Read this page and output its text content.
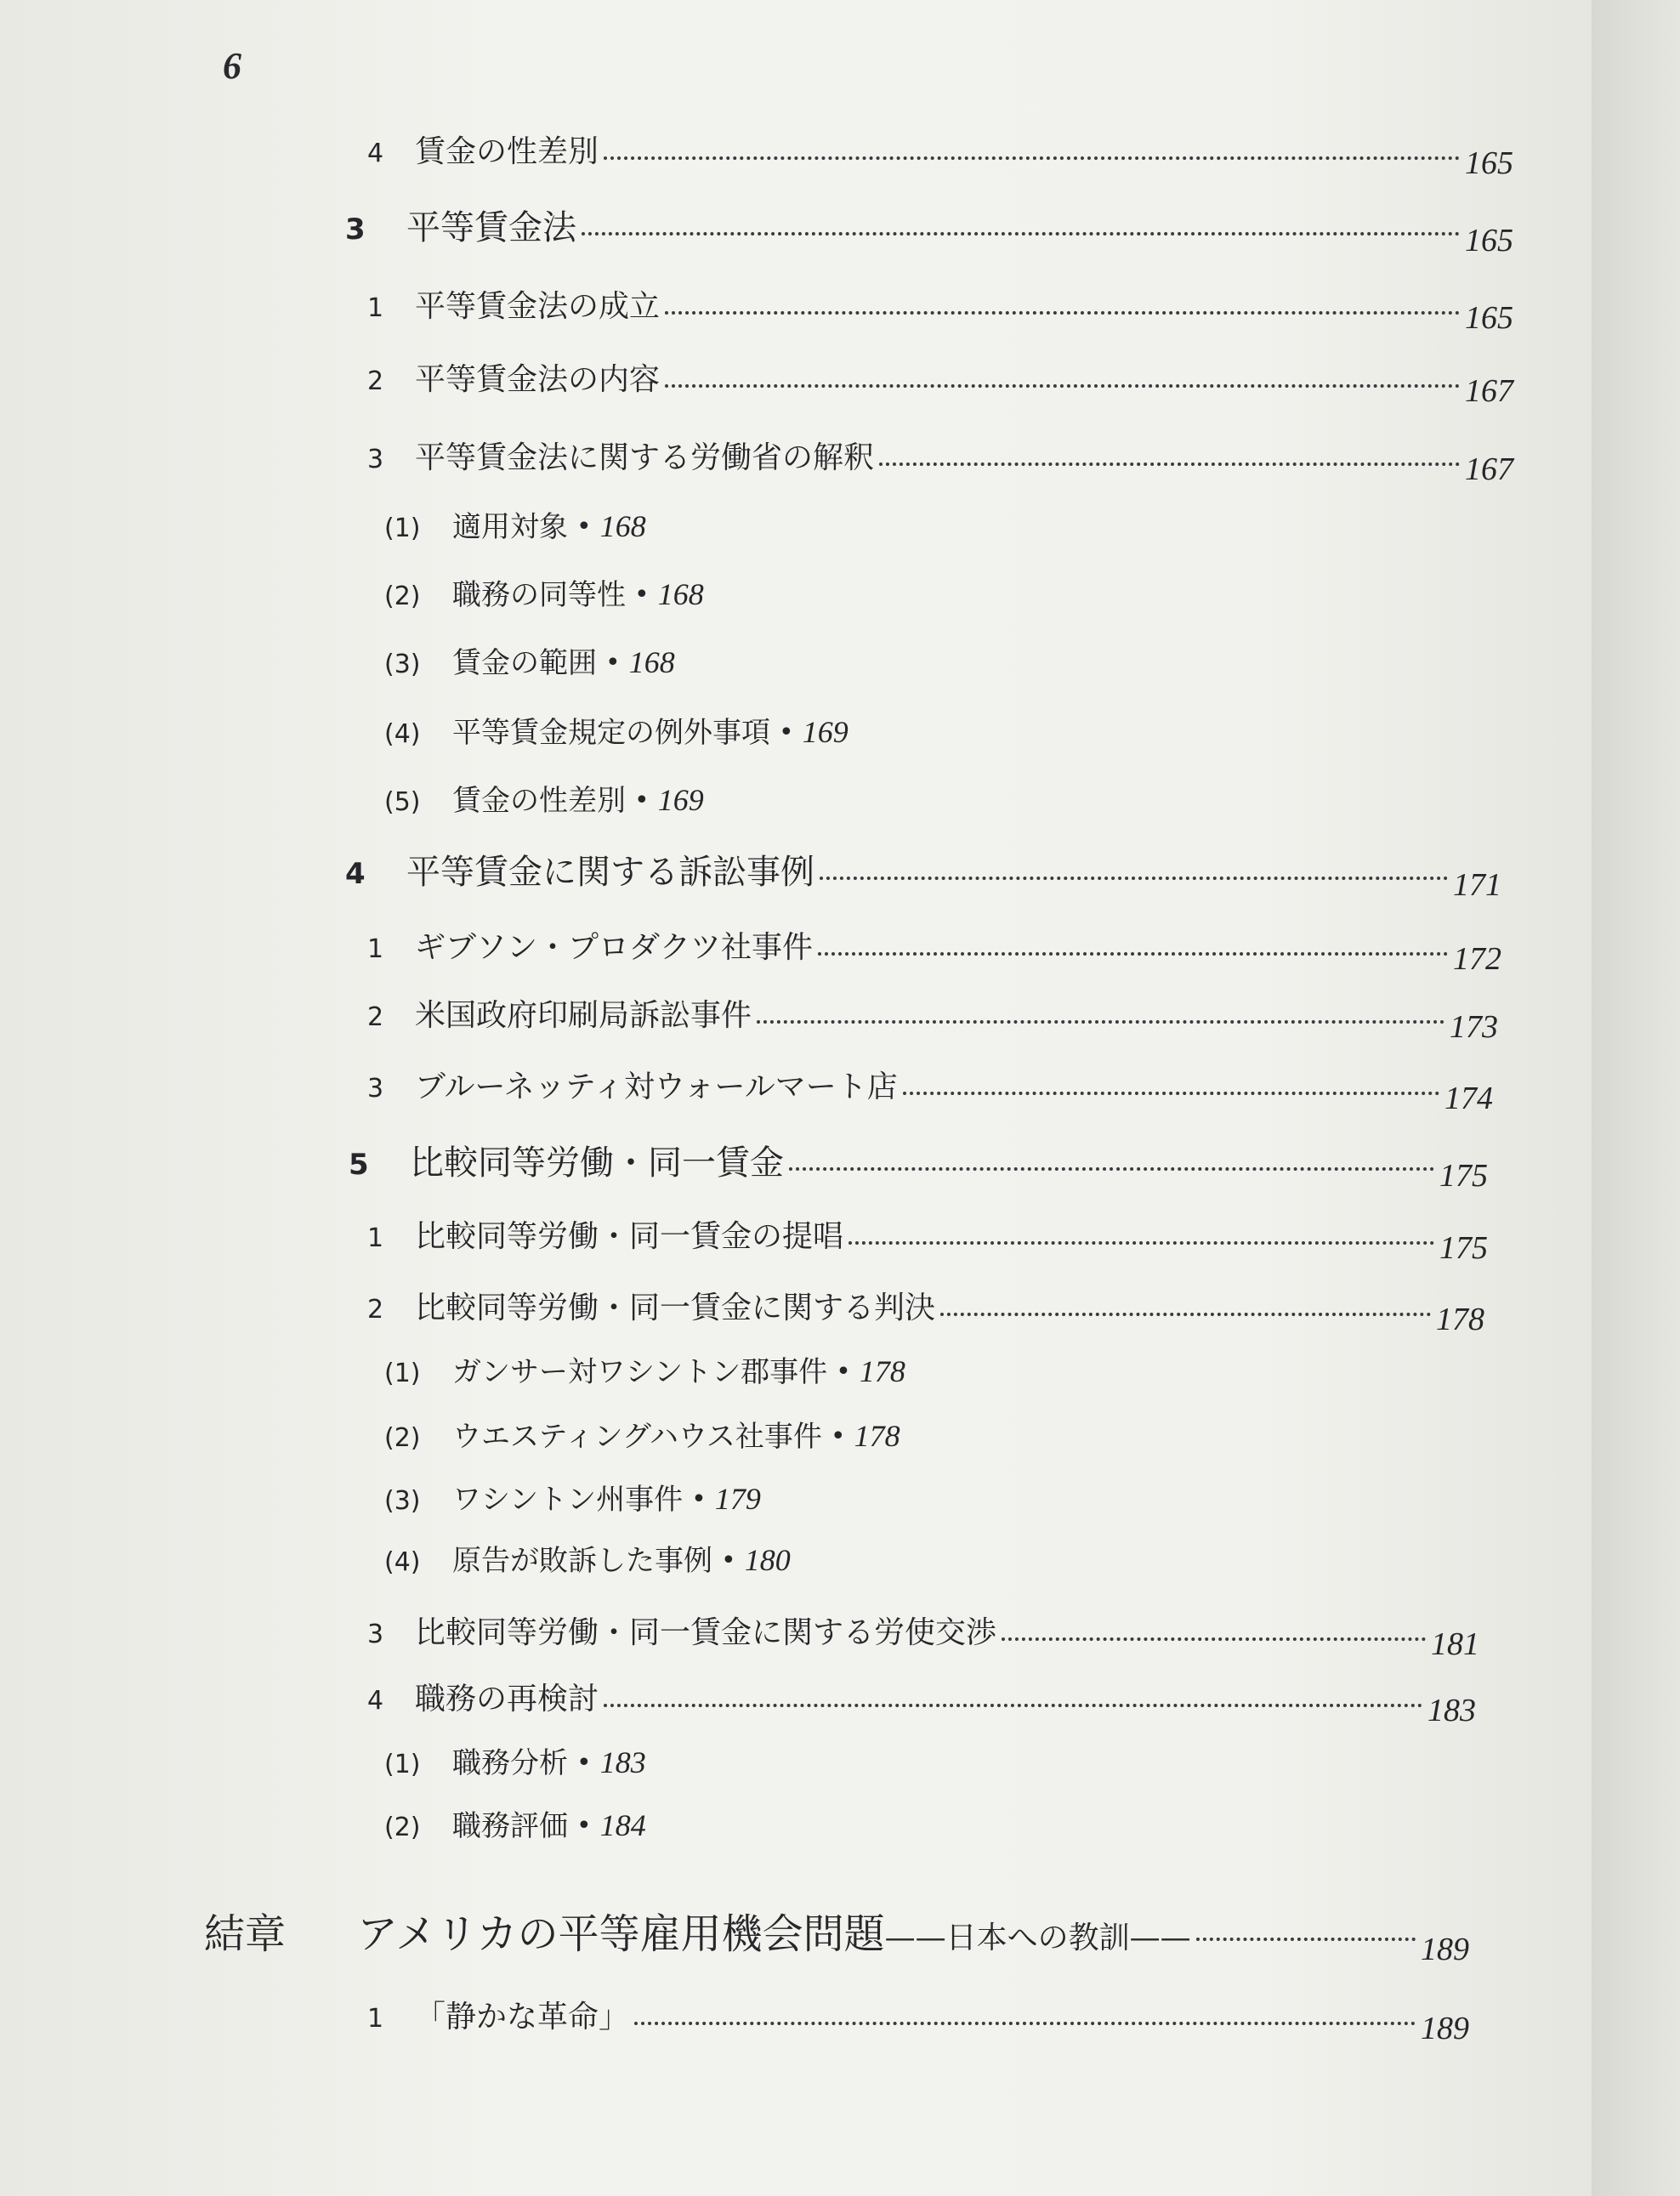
6
4	賃金の性差別	165
3	平等賃金法	165
1	平等賃金法の成立	165
2	平等賃金法の内容	167
3	平等賃金法に関する労働省の解釈	167
(1)	適用対象 • 168
(2)	職務の同等性 • 168
(3)	賃金の範囲 • 168
(4)	平等賃金規定の例外事項 • 169
(5)	賃金の性差別 • 169
4	平等賃金に関する訴訟事例	171
1	ギブソン・プロダクツ社事件	172
2	米国政府印刷局訴訟事件	173
3	ブルーネッティ対ウォールマート店	174
5	比較同等労働・同一賃金	175
1	比較同等労働・同一賃金の提唱	175
2	比較同等労働・同一賃金に関する判決	178
(1)	ガンサー対ワシントン郡事件 • 178
(2)	ウエスティングハウス社事件 • 178
(3)	ワシントン州事件 • 179
(4)	原告が敗訴した事例 • 180
3	比較同等労働・同一賃金に関する労使交渉	181
4	職務の再検討	183
(1)	職務分析 • 183
(2)	職務評価 • 184
結章	アメリカの平等雇用機会問題 —— 日本への教訓 ——	189
1	「静かな革命」	189
